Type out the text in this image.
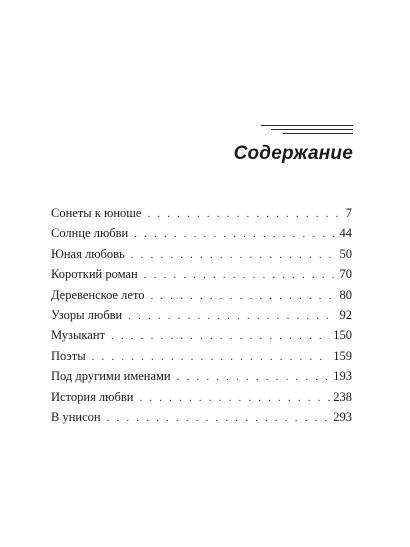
Содержание
Сонеты к юноше . . .	7
Солнце любви . . .	44
Юная любовь . . .	50
Короткий роман . . .	70
Деревенское лето . . .	80
Узоры любви . . .	92
Музыкант . . .	150
Поэты . . .	159
Под другими именами . . .	193
История любви . . .	238
В унисон . . .	293
